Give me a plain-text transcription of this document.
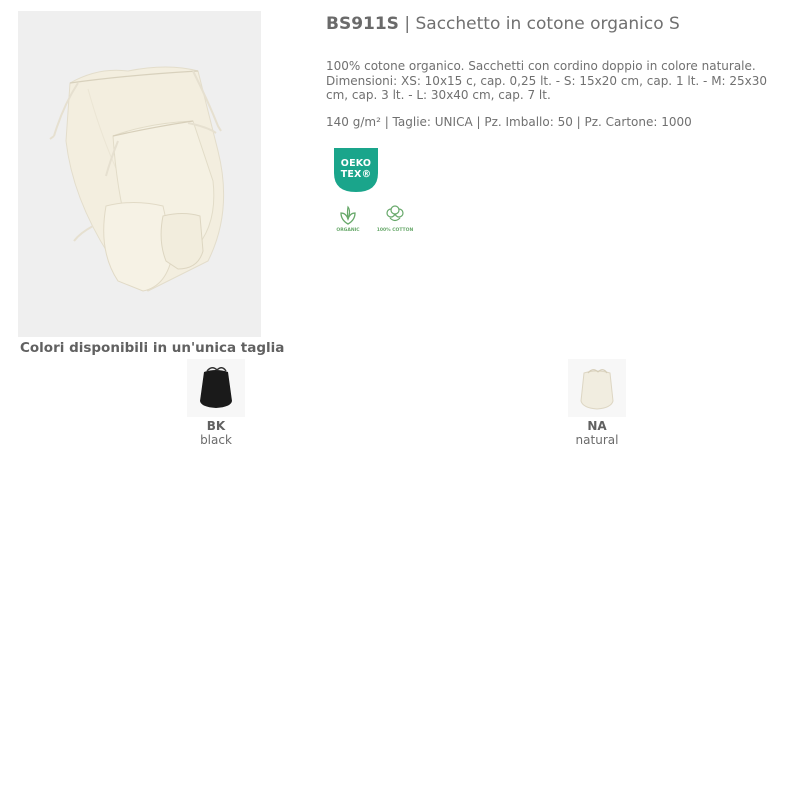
BS911S | Sacchetto in cotone organico S
100% cotone organico. Sacchetti con cordino doppio in colore naturale. Dimensioni: XS: 10x15 c, cap. 0,25 lt. - S: 15x20 cm, cap. 1 lt. - M: 25x30 cm, cap. 3 lt. - L: 30x40 cm, cap. 7 lt.
140 g/m² | Taglie: UNICA | Pz. Imballo: 50 | Pz. Cartone: 1000
OEKO
TEX®
ORGANIC	100% COTTON
Colori disponibili in un'unica taglia
BK
black
NA
natural
